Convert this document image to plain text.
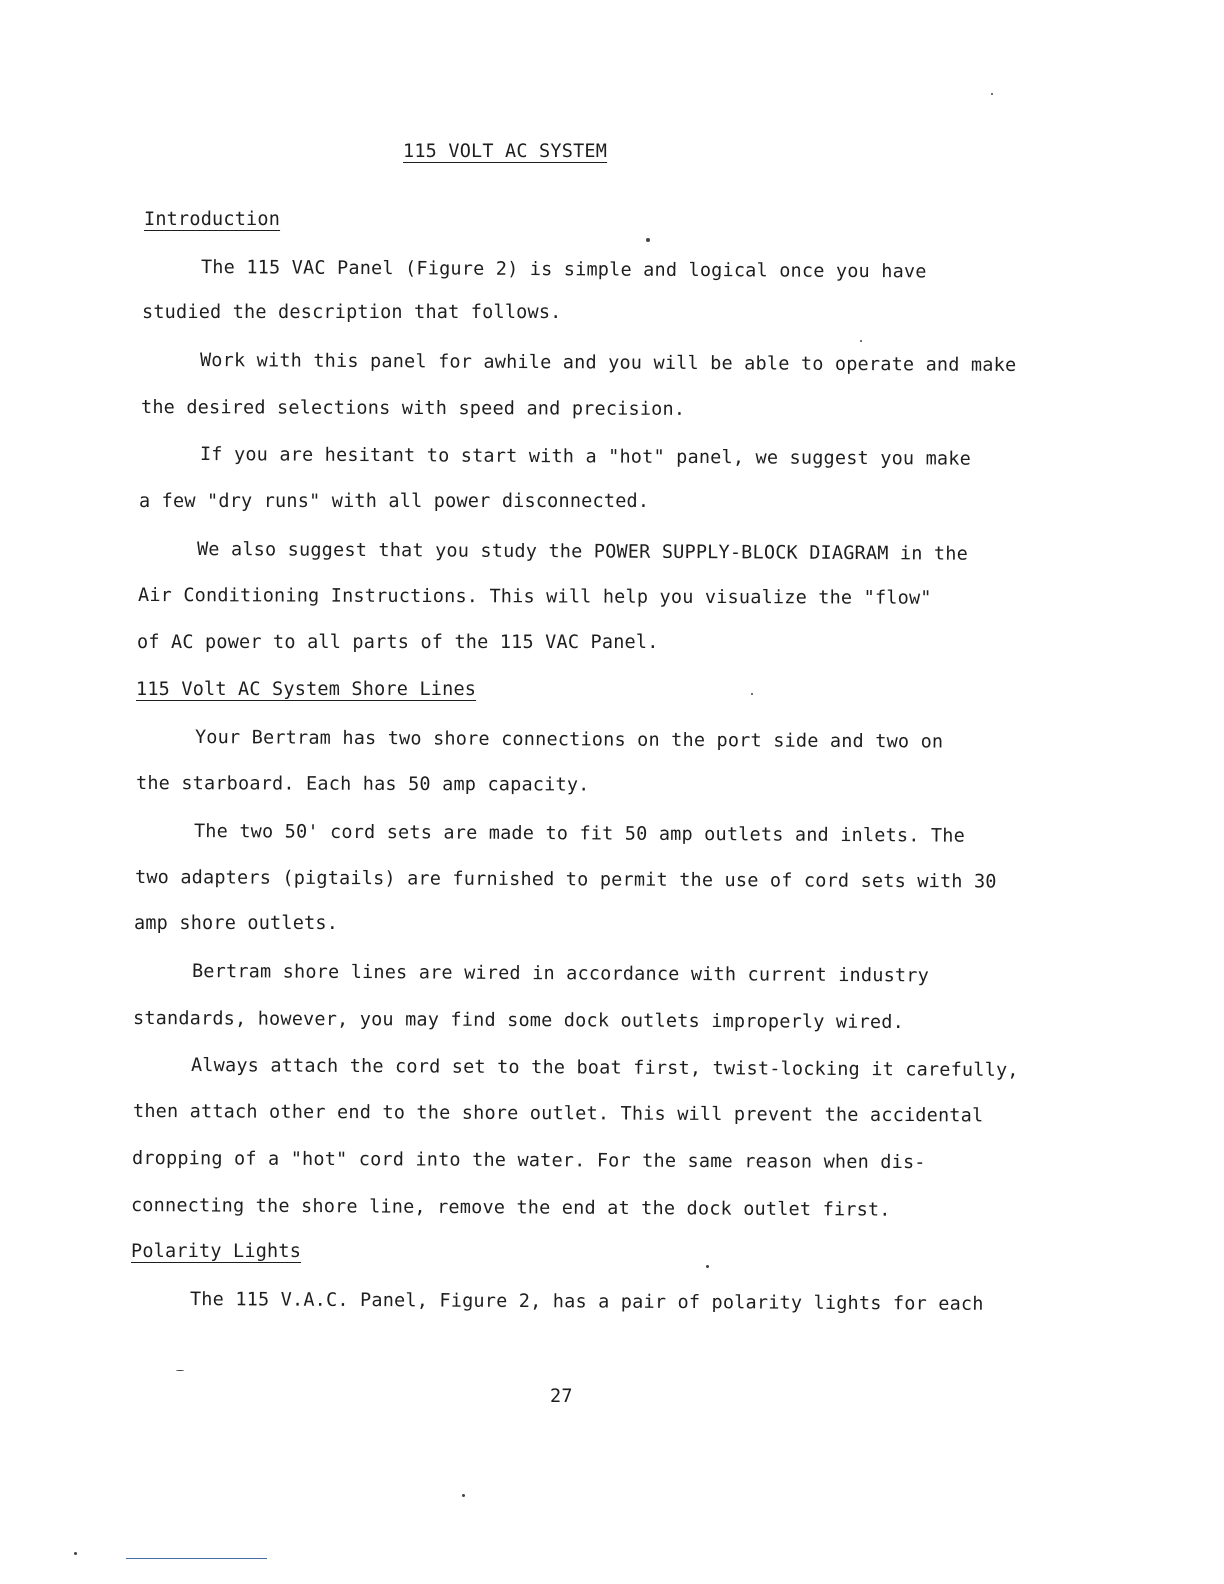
115 VOLT AC SYSTEM
Introduction
The 115 VAC Panel (Figure 2) is simple and logical once you have
studied the description that follows.
Work with this panel for awhile and you will be able to operate and make
the desired selections with speed and precision.
If you are hesitant to start with a "hot" panel, we suggest you make
a few "dry runs" with all power disconnected.
We also suggest that you study the POWER SUPPLY-BLOCK DIAGRAM in the
Air Conditioning Instructions. This will help you visualize the "flow"
of AC power to all parts of the 115 VAC Panel.
115 Volt AC System Shore Lines
Your Bertram has two shore connections on the port side and two on
the starboard. Each has 50 amp capacity.
The two 50' cord sets are made to fit 50 amp outlets and inlets. The
two adapters (pigtails) are furnished to permit the use of cord sets with 30
amp shore outlets.
Bertram shore lines are wired in accordance with current industry
standards, however, you may find some dock outlets improperly wired.
Always attach the cord set to the boat first, twist-locking it carefully,
then attach other end to the shore outlet. This will prevent the accidental
dropping of a "hot" cord into the water. For the same reason when dis-
connecting the shore line, remove the end at the dock outlet first.
Polarity Lights
The 115 V.A.C. Panel, Figure 2, has a pair of polarity lights for each
27
